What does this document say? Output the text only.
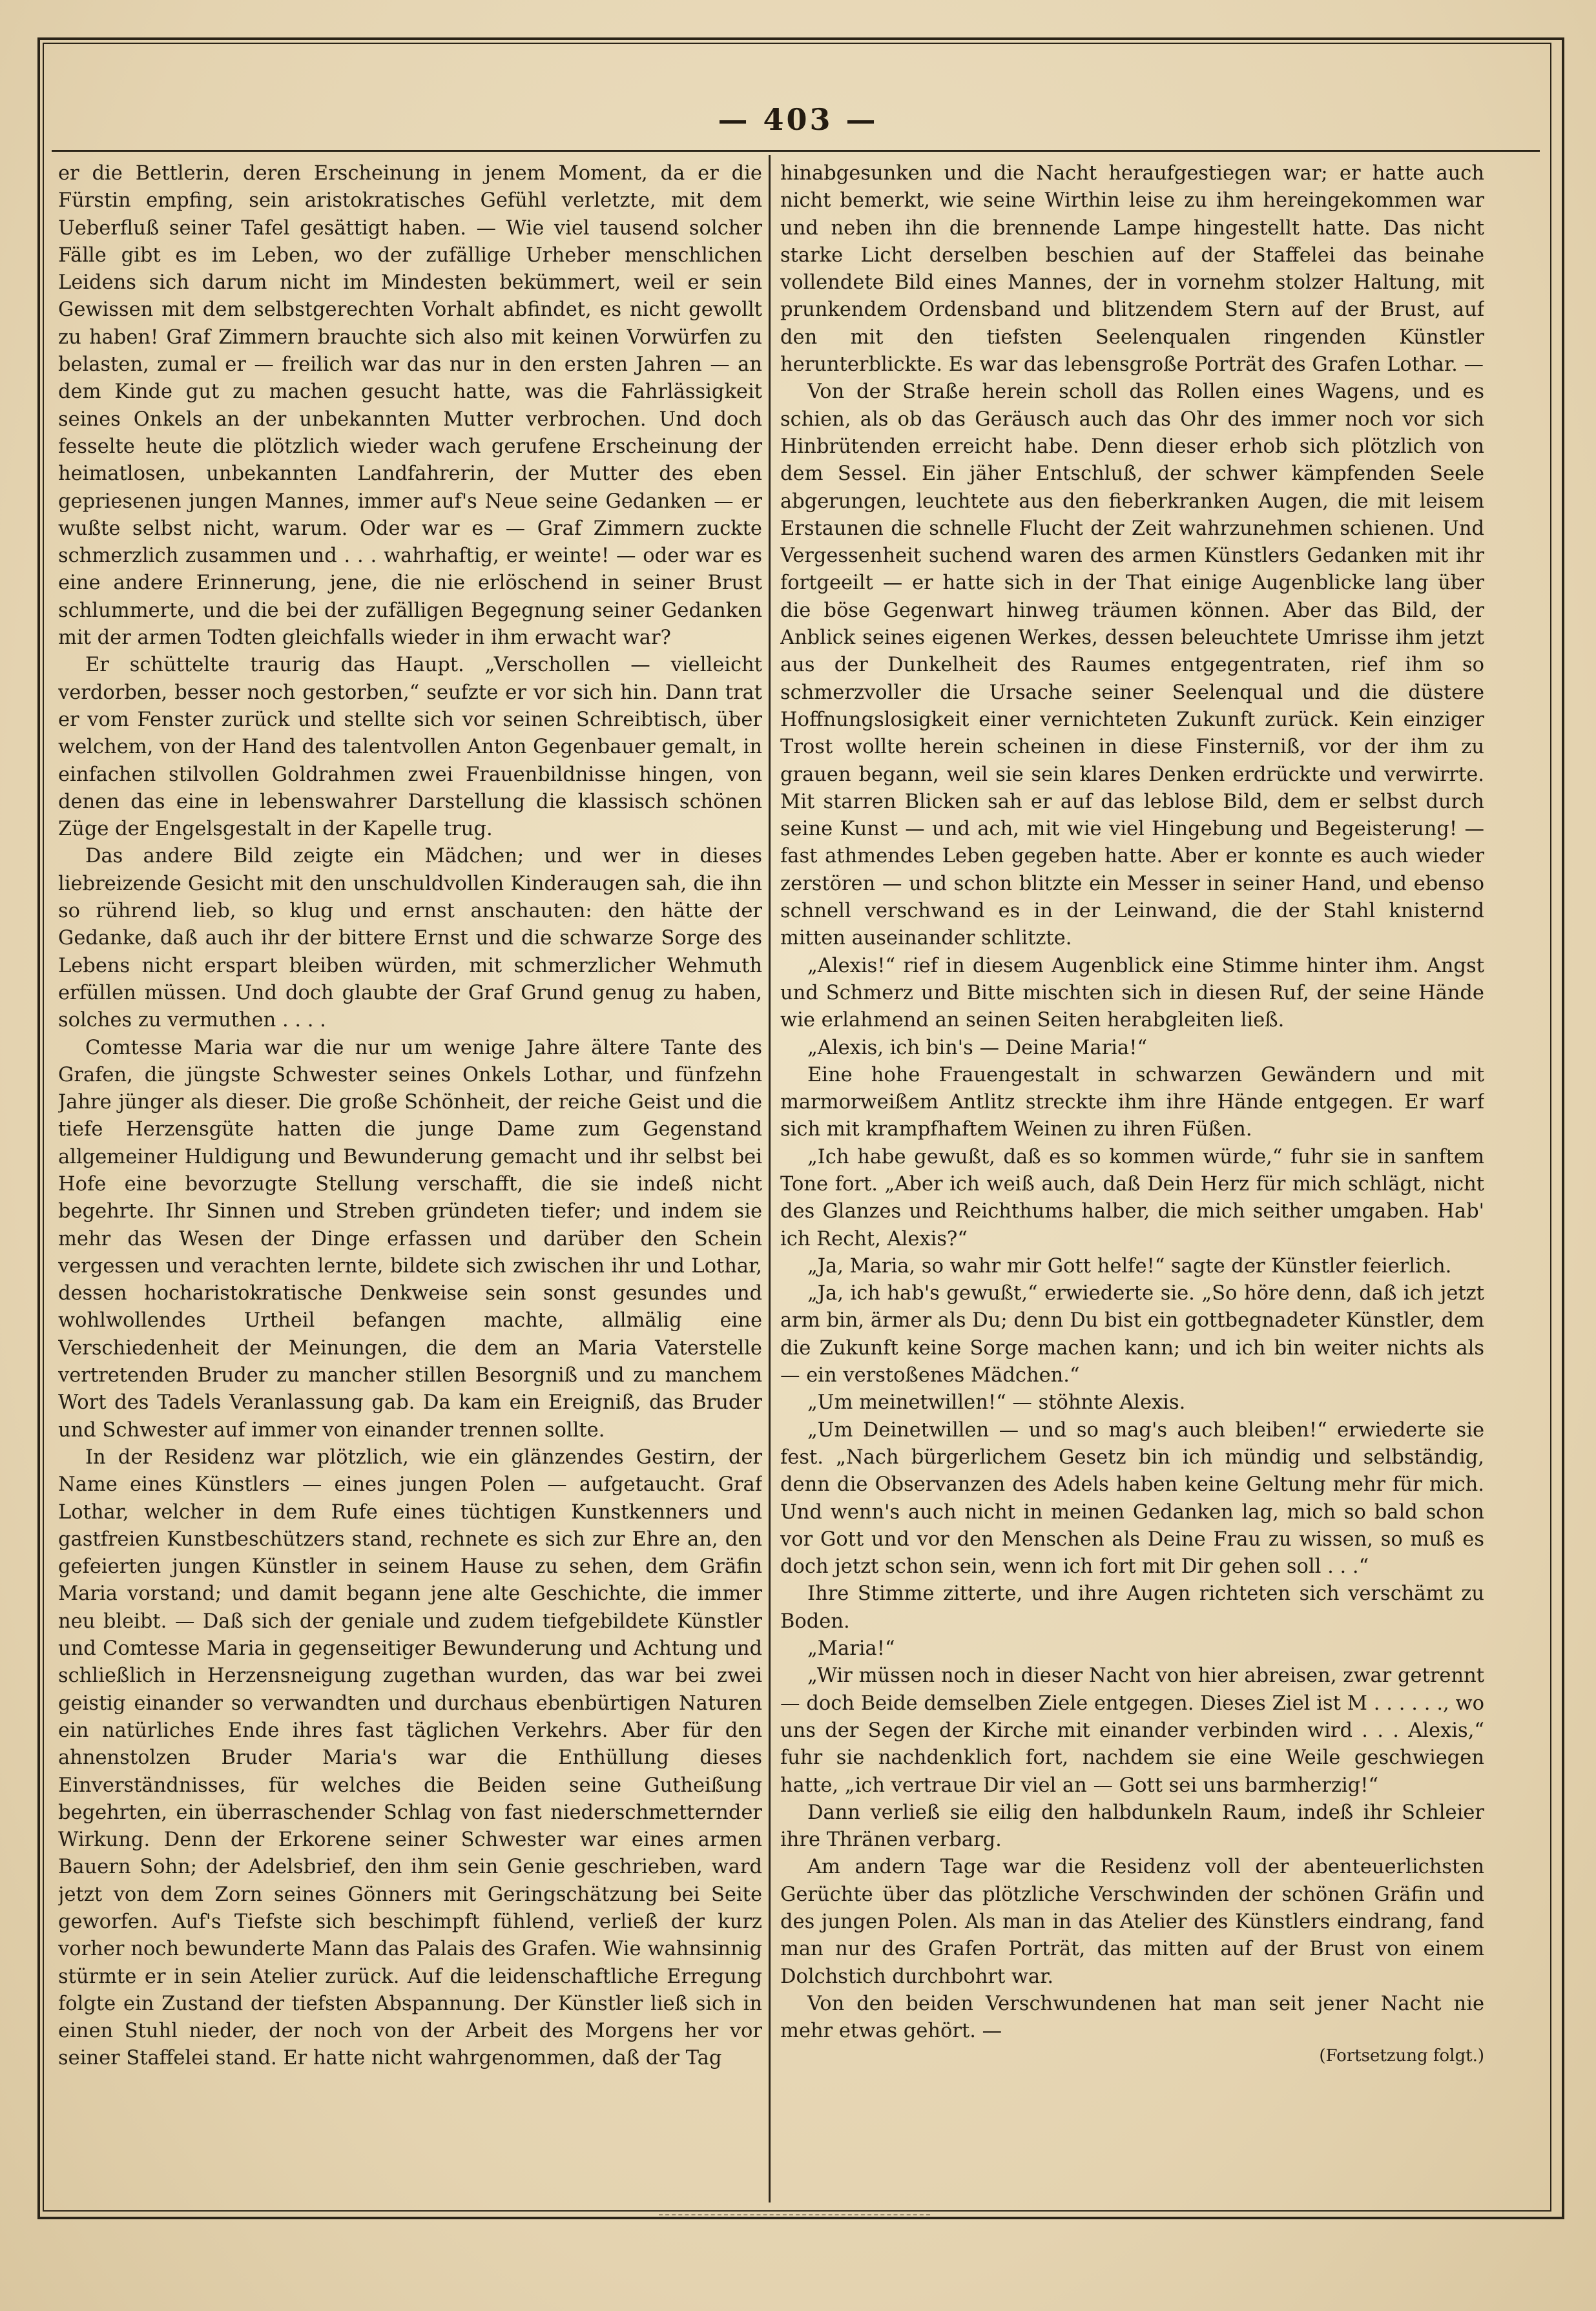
— 403 —

er die Bettlerin, deren Erscheinung in jenem Moment, da er die Fürstin empfing, sein aristokratisches Gefühl verletzte, mit dem Ueberfluß seiner Tafel gesättigt haben. — Wie viel tausend solcher Fälle gibt es im Leben, wo der zufällige Urheber menschlichen Leidens sich darum nicht im Mindesten bekümmert, weil er sein Gewissen mit dem selbstgerechten Vorhalt abfindet, es nicht gewollt zu haben! Graf Zimmern brauchte sich also mit keinen Vorwürfen zu belasten, zumal er — freilich war das nur in den ersten Jahren — an dem Kinde gut zu machen gesucht hatte, was die Fahrlässigkeit seines Onkels an der unbekannten Mutter verbrochen. Und doch fesselte heute die plötzlich wieder wach gerufene Erscheinung der heimatlosen, unbekannten Landfahrerin, der Mutter des eben gepriesenen jungen Mannes, immer auf's Neue seine Gedanken — er wußte selbst nicht, warum. Oder war es — Graf Zimmern zuckte schmerzlich zusammen und . . . wahrhaftig, er weinte! — oder war es eine andere Erinnerung, jene, die nie erlöschend in seiner Brust schlummerte, und die bei der zufälligen Begegnung seiner Gedanken mit der armen Todten gleichfalls wieder in ihm erwacht war?

Er schüttelte traurig das Haupt. „Verschollen — vielleicht verdorben, besser noch gestorben,“ seufzte er vor sich hin. Dann trat er vom Fenster zurück und stellte sich vor seinen Schreibtisch, über welchem, von der Hand des talentvollen Anton Gegenbauer gemalt, in einfachen stilvollen Goldrahmen zwei Frauenbildnisse hingen, von denen das eine in lebenswahrer Darstellung die klassisch schönen Züge der Engelsgestalt in der Kapelle trug.

Das andere Bild zeigte ein Mädchen; und wer in dieses liebreizende Gesicht mit den unschuldvollen Kinderaugen sah, die ihn so rührend lieb, so klug und ernst anschauten: den hätte der Gedanke, daß auch ihr der bittere Ernst und die schwarze Sorge des Lebens nicht erspart bleiben würden, mit schmerzlicher Wehmuth erfüllen müssen. Und doch glaubte der Graf Grund genug zu haben, solches zu vermuthen . . . .

Comtesse Maria war die nur um wenige Jahre ältere Tante des Grafen, die jüngste Schwester seines Onkels Lothar, und fünfzehn Jahre jünger als dieser. Die große Schönheit, der reiche Geist und die tiefe Herzensgüte hatten die junge Dame zum Gegenstand allgemeiner Huldigung und Bewunderung gemacht und ihr selbst bei Hofe eine bevorzugte Stellung verschafft, die sie indeß nicht begehrte. Ihr Sinnen und Streben gründeten tiefer; und indem sie mehr das Wesen der Dinge erfassen und darüber den Schein vergessen und verachten lernte, bildete sich zwischen ihr und Lothar, dessen hocharistokratische Denkweise sein sonst gesundes und wohlwollendes Urtheil befangen machte, allmälig eine Verschiedenheit der Meinungen, die dem an Maria Vaterstelle vertretenden Bruder zu mancher stillen Besorgniß und zu manchem Wort des Tadels Veranlassung gab. Da kam ein Ereigniß, das Bruder und Schwester auf immer von einander trennen sollte.

In der Residenz war plötzlich, wie ein glänzendes Gestirn, der Name eines Künstlers — eines jungen Polen — aufgetaucht. Graf Lothar, welcher in dem Rufe eines tüchtigen Kunstkenners und gastfreien Kunstbeschützers stand, rechnete es sich zur Ehre an, den gefeierten jungen Künstler in seinem Hause zu sehen, dem Gräfin Maria vorstand; und damit begann jene alte Geschichte, die immer neu bleibt. — Daß sich der geniale und zudem tiefgebildete Künstler und Comtesse Maria in gegenseitiger Bewunderung und Achtung und schließlich in Herzensneigung zugethan wurden, das war bei zwei geistig einander so verwandten und durchaus ebenbürtigen Naturen ein natürliches Ende ihres fast täglichen Verkehrs. Aber für den ahnenstolzen Bruder Maria's war die Enthüllung dieses Einverständnisses, für welches die Beiden seine Gutheißung begehrten, ein überraschender Schlag von fast niederschmetternder Wirkung. Denn der Erkorene seiner Schwester war eines armen Bauern Sohn; der Adelsbrief, den ihm sein Genie geschrieben, ward jetzt von dem Zorn seines Gönners mit Geringschätzung bei Seite geworfen. Auf's Tiefste sich beschimpft fühlend, verließ der kurz vorher noch bewunderte Mann das Palais des Grafen. Wie wahnsinnig stürmte er in sein Atelier zurück. Auf die leidenschaftliche Erregung folgte ein Zustand der tiefsten Abspannung. Der Künstler ließ sich in einen Stuhl nieder, der noch von der Arbeit des Morgens her vor seiner Staffelei stand. Er hatte nicht wahrgenommen, daß der Tag

hinabgesunken und die Nacht heraufgestiegen war; er hatte auch nicht bemerkt, wie seine Wirthin leise zu ihm hereingekommen war und neben ihn die brennende Lampe hingestellt hatte. Das nicht starke Licht derselben beschien auf der Staffelei das beinahe vollendete Bild eines Mannes, der in vornehm stolzer Haltung, mit prunkendem Ordensband und blitzendem Stern auf der Brust, auf den mit den tiefsten Seelenqualen ringenden Künstler herunterblickte. Es war das lebensgroße Porträt des Grafen Lothar. —

Von der Straße herein scholl das Rollen eines Wagens, und es schien, als ob das Geräusch auch das Ohr des immer noch vor sich Hinbrütenden erreicht habe. Denn dieser erhob sich plötzlich von dem Sessel. Ein jäher Entschluß, der schwer kämpfenden Seele abgerungen, leuchtete aus den fieberkranken Augen, die mit leisem Erstaunen die schnelle Flucht der Zeit wahrzunehmen schienen. Und Vergessenheit suchend waren des armen Künstlers Gedanken mit ihr fortgeeilt — er hatte sich in der That einige Augenblicke lang über die böse Gegenwart hinweg träumen können. Aber das Bild, der Anblick seines eigenen Werkes, dessen beleuchtete Umrisse ihm jetzt aus der Dunkelheit des Raumes entgegentraten, rief ihm so schmerzvoller die Ursache seiner Seelenqual und die düstere Hoffnungslosigkeit einer vernichteten Zukunft zurück. Kein einziger Trost wollte herein scheinen in diese Finsterniß, vor der ihm zu grauen begann, weil sie sein klares Denken erdrückte und verwirrte. Mit starren Blicken sah er auf das leblose Bild, dem er selbst durch seine Kunst — und ach, mit wie viel Hingebung und Begeisterung! — fast athmendes Leben gegeben hatte. Aber er konnte es auch wieder zerstören — und schon blitzte ein Messer in seiner Hand, und ebenso schnell verschwand es in der Leinwand, die der Stahl knisternd mitten auseinander schlitzte.

„Alexis!“ rief in diesem Augenblick eine Stimme hinter ihm. Angst und Schmerz und Bitte mischten sich in diesen Ruf, der seine Hände wie erlahmend an seinen Seiten herabgleiten ließ.

„Alexis, ich bin's — Deine Maria!“

Eine hohe Frauengestalt in schwarzen Gewändern und mit marmorweißem Antlitz streckte ihm ihre Hände entgegen. Er warf sich mit krampfhaftem Weinen zu ihren Füßen.

„Ich habe gewußt, daß es so kommen würde,“ fuhr sie in sanftem Tone fort. „Aber ich weiß auch, daß Dein Herz für mich schlägt, nicht des Glanzes und Reichthums halber, die mich seither umgaben. Hab' ich Recht, Alexis?“

„Ja, Maria, so wahr mir Gott helfe!“ sagte der Künstler feierlich.

„Ja, ich hab's gewußt,“ erwiederte sie. „So höre denn, daß ich jetzt arm bin, ärmer als Du; denn Du bist ein gottbegnadeter Künstler, dem die Zukunft keine Sorge machen kann; und ich bin weiter nichts als — ein verstoßenes Mädchen.“

„Um meinetwillen!“ — stöhnte Alexis.

„Um Deinetwillen — und so mag's auch bleiben!“ erwiederte sie fest. „Nach bürgerlichem Gesetz bin ich mündig und selbständig, denn die Observanzen des Adels haben keine Geltung mehr für mich. Und wenn's auch nicht in meinen Gedanken lag, mich so bald schon vor Gott und vor den Menschen als Deine Frau zu wissen, so muß es doch jetzt schon sein, wenn ich fort mit Dir gehen soll . . .“

Ihre Stimme zitterte, und ihre Augen richteten sich verschämt zu Boden.

„Maria!“

„Wir müssen noch in dieser Nacht von hier abreisen, zwar getrennt — doch Beide demselben Ziele entgegen. Dieses Ziel ist M . . . . . ., wo uns der Segen der Kirche mit einander verbinden wird . . . Alexis,“ fuhr sie nachdenklich fort, nachdem sie eine Weile geschwiegen hatte, „ich vertraue Dir viel an — Gott sei uns barmherzig!“

Dann verließ sie eilig den halbdunkeln Raum, indeß ihr Schleier ihre Thränen verbarg.

Am andern Tage war die Residenz voll der abenteuerlichsten Gerüchte über das plötzliche Verschwinden der schönen Gräfin und des jungen Polen. Als man in das Atelier des Künstlers eindrang, fand man nur des Grafen Porträt, das mitten auf der Brust von einem Dolchstich durchbohrt war.

Von den beiden Verschwundenen hat man seit jener Nacht nie mehr etwas gehört. —

(Fortsetzung folgt.)
